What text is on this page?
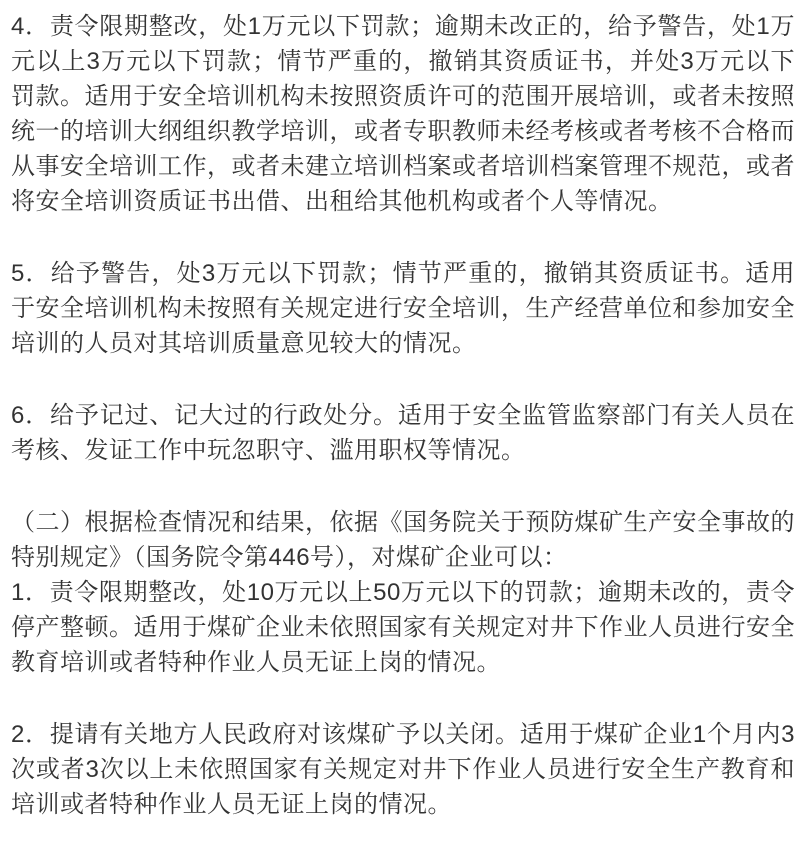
4．责令限期整改，处1万元以下罚款；逾期未改正的，给予警告，处1万元以上3万元以下罚款；情节严重的，撤销其资质证书，并处3万元以下罚款。适用于安全培训机构未按照资质许可的范围开展培训，或者未按照统一的培训大纲组织教学培训，或者专职教师未经考核或者考核不合格而从事安全培训工作，或者未建立培训档案或者培训档案管理不规范，或者将安全培训资质证书出借、出租给其他机构或者个人等情况。

5．给予警告，处3万元以下罚款；情节严重的，撤销其资质证书。适用于安全培训机构未按照有关规定进行安全培训，生产经营单位和参加安全培训的人员对其培训质量意见较大的情况。

6．给予记过、记大过的行政处分。适用于安全监管监察部门有关人员在考核、发证工作中玩忽职守、滥用职权等情况。

（二）根据检查情况和结果，依据《国务院关于预防煤矿生产安全事故的特别规定》（国务院令第446号），对煤矿企业可以：

1．责令限期整改，处10万元以上50万元以下的罚款；逾期未改的，责令停产整顿。适用于煤矿企业未依照国家有关规定对井下作业人员进行安全教育培训或者特种作业人员无证上岗的情况。

2．提请有关地方人民政府对该煤矿予以关闭。适用于煤矿企业1个月内3次或者3次以上未依照国家有关规定对井下作业人员进行安全生产教育和培训或者特种作业人员无证上岗的情况。
